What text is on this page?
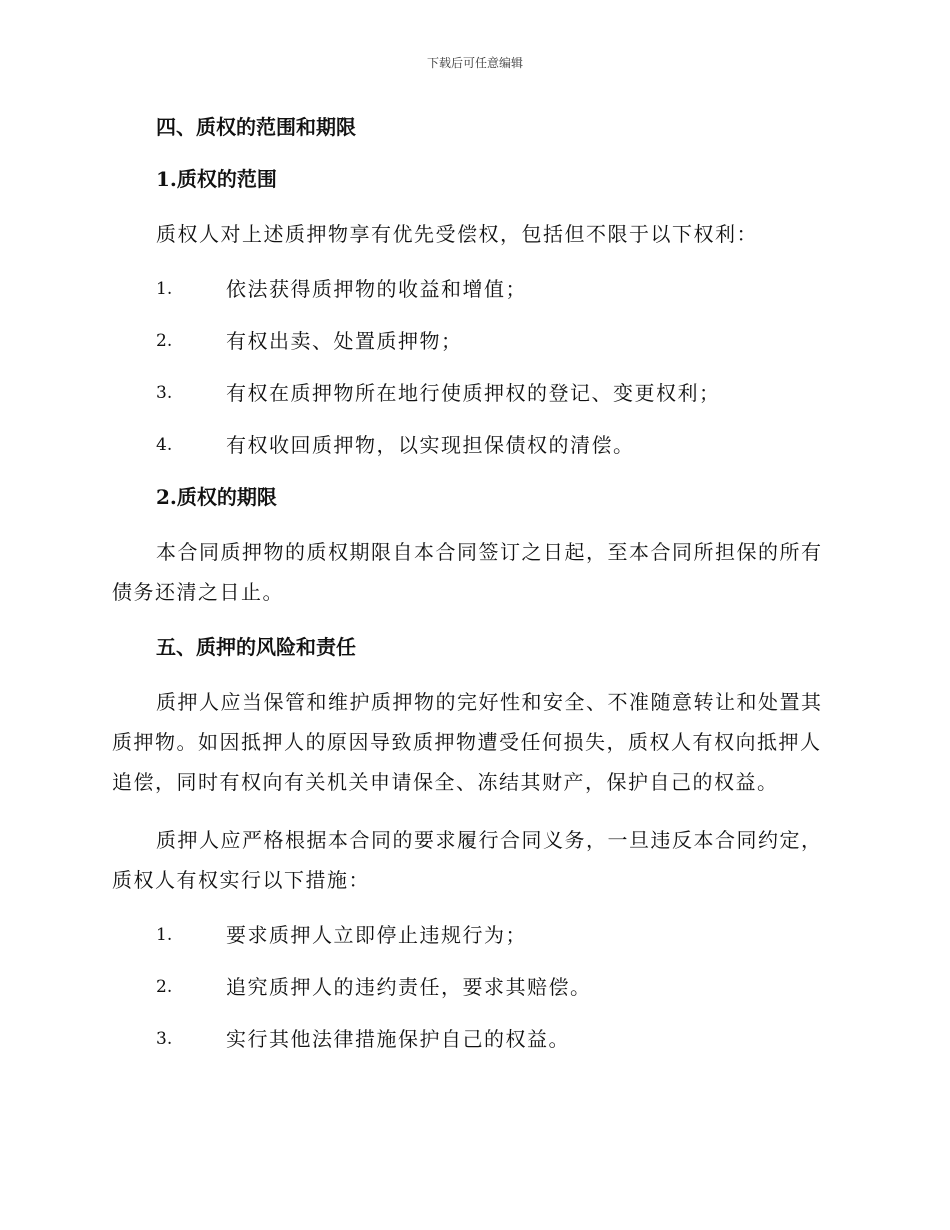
下载后可任意编辑
四、质权的范围和期限
1.质权的范围
质权人对上述质押物享有优先受偿权，包括但不限于以下权利：
1.	依法获得质押物的收益和增值；
2.	有权出卖、处置质押物；
3.	有权在质押物所在地行使质押权的登记、变更权利；
4.	有权收回质押物，以实现担保债权的清偿。
2.质权的期限
本合同质押物的质权期限自本合同签订之日起，至本合同所担保的所有债务还清之日止。
五、质押的风险和责任
质押人应当保管和维护质押物的完好性和安全、不准随意转让和处置其质押物。如因抵押人的原因导致质押物遭受任何损失，质权人有权向抵押人追偿，同时有权向有关机关申请保全、冻结其财产，保护自己的权益。
质押人应严格根据本合同的要求履行合同义务，一旦违反本合同约定，质权人有权实行以下措施：
1.	要求质押人立即停止违规行为；
2.	追究质押人的违约责任，要求其赔偿。
3.	实行其他法律措施保护自己的权益。
